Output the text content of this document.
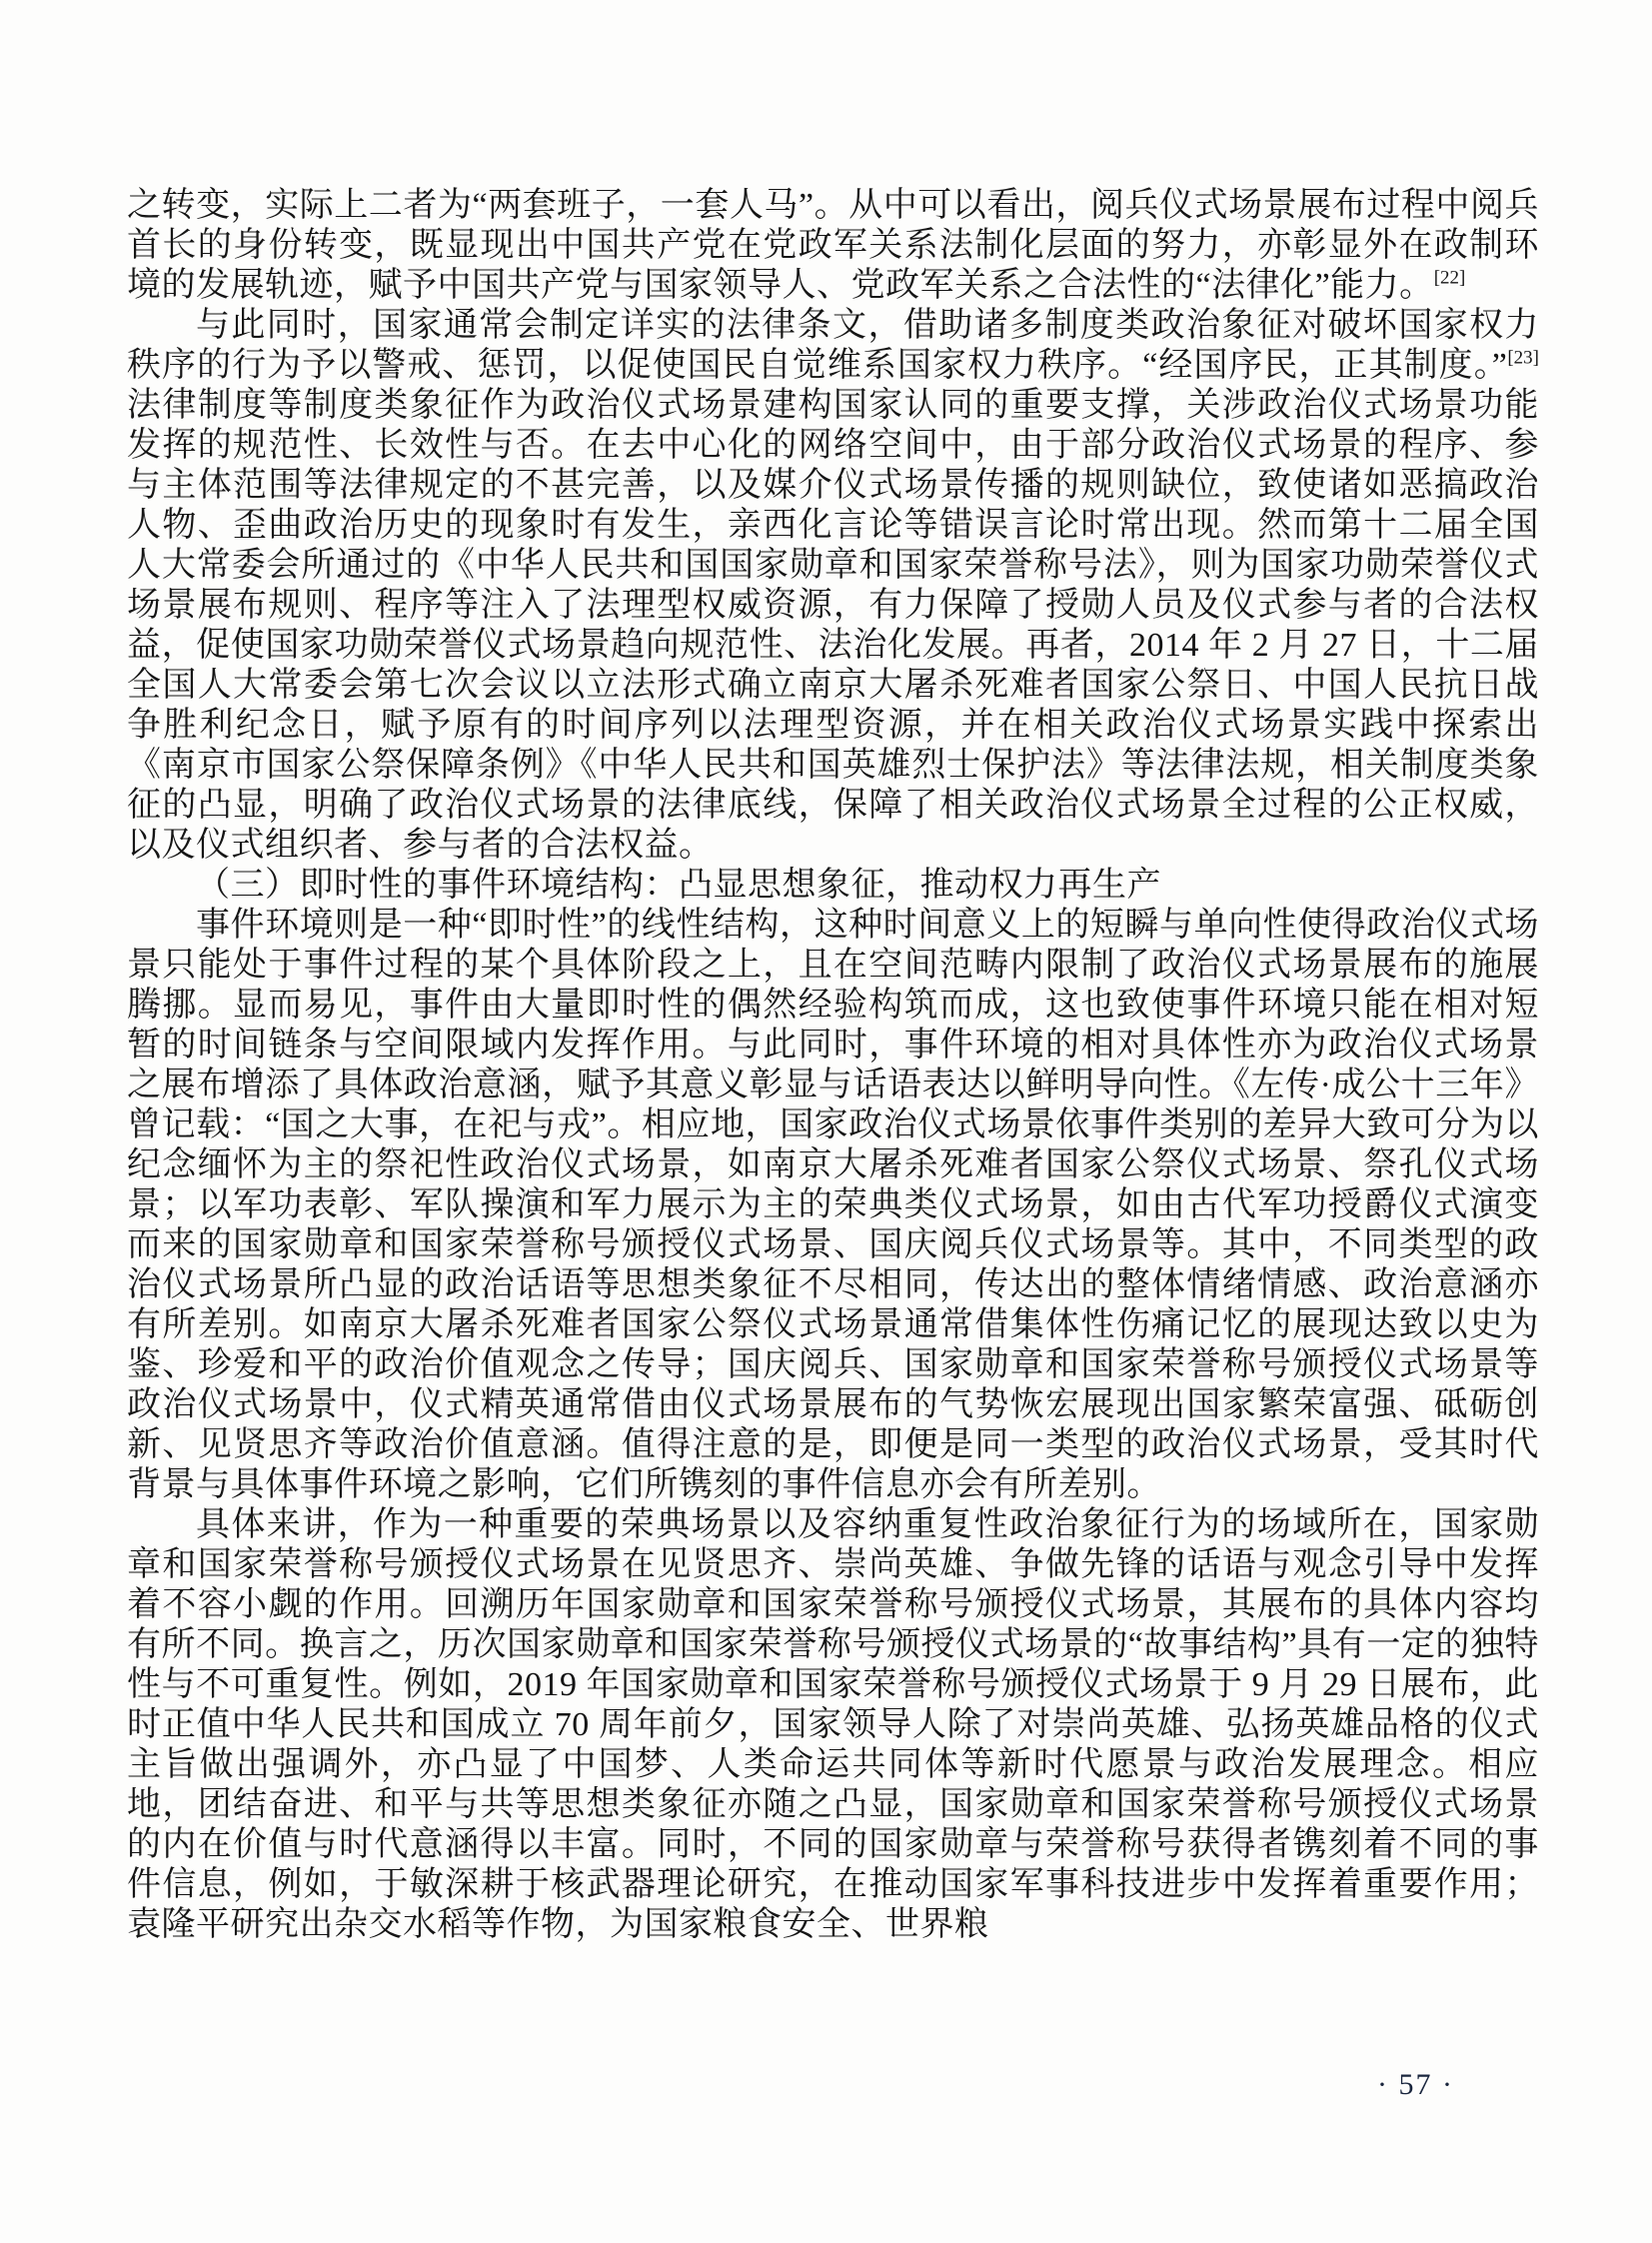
之转变，实际上二者为“两套班子，一套人马”。从中可以看出，阅兵仪式场景展布过程中阅兵首长的身份转变，既显现出中国共产党在党政军关系法制化层面的努力，亦彰显外在政制环境的发展轨迹，赋予中国共产党与国家领导人、党政军关系之合法性的“法律化”能力。[22]

与此同时，国家通常会制定详实的法律条文，借助诸多制度类政治象征对破坏国家权力秩序的行为予以警戒、惩罚，以促使国民自觉维系国家权力秩序。“经国序民，正其制度。”[23]法律制度等制度类象征作为政治仪式场景建构国家认同的重要支撑，关涉政治仪式场景功能发挥的规范性、长效性与否。在去中心化的网络空间中，由于部分政治仪式场景的程序、参与主体范围等法律规定的不甚完善，以及媒介仪式场景传播的规则缺位，致使诸如恶搞政治人物、歪曲政治历史的现象时有发生，亲西化言论等错误言论时常出现。然而第十二届全国人大常委会所通过的《中华人民共和国国家勋章和国家荣誉称号法》，则为国家功勋荣誉仪式场景展布规则、程序等注入了法理型权威资源，有力保障了授勋人员及仪式参与者的合法权益，促使国家功勋荣誉仪式场景趋向规范性、法治化发展。再者，2014 年 2 月 27 日，十二届全国人大常委会第七次会议以立法形式确立南京大屠杀死难者国家公祭日、中国人民抗日战争胜利纪念日，赋予原有的时间序列以法理型资源，并在相关政治仪式场景实践中探索出《南京市国家公祭保障条例》《中华人民共和国英雄烈士保护法》等法律法规，相关制度类象征的凸显，明确了政治仪式场景的法律底线，保障了相关政治仪式场景全过程的公正权威，以及仪式组织者、参与者的合法权益。

（三）即时性的事件环境结构：凸显思想象征，推动权力再生产

事件环境则是一种“即时性”的线性结构，这种时间意义上的短瞬与单向性使得政治仪式场景只能处于事件过程的某个具体阶段之上，且在空间范畴内限制了政治仪式场景展布的施展腾挪。显而易见，事件由大量即时性的偶然经验构筑而成，这也致使事件环境只能在相对短暂的时间链条与空间限域内发挥作用。与此同时，事件环境的相对具体性亦为政治仪式场景之展布增添了具体政治意涵，赋予其意义彰显与话语表达以鲜明导向性。《左传·成公十三年》曾记载：“国之大事，在祀与戎”。相应地，国家政治仪式场景依事件类别的差异大致可分为以纪念缅怀为主的祭祀性政治仪式场景，如南京大屠杀死难者国家公祭仪式场景、祭孔仪式场景；以军功表彰、军队操演和军力展示为主的荣典类仪式场景，如由古代军功授爵仪式演变而来的国家勋章和国家荣誉称号颁授仪式场景、国庆阅兵仪式场景等。其中，不同类型的政治仪式场景所凸显的政治话语等思想类象征不尽相同，传达出的整体情绪情感、政治意涵亦有所差别。如南京大屠杀死难者国家公祭仪式场景通常借集体性伤痛记忆的展现达致以史为鉴、珍爱和平的政治价值观念之传导；国庆阅兵、国家勋章和国家荣誉称号颁授仪式场景等政治仪式场景中，仪式精英通常借由仪式场景展布的气势恢宏展现出国家繁荣富强、砥砺创新、见贤思齐等政治价值意涵。值得注意的是，即便是同一类型的政治仪式场景，受其时代背景与具体事件环境之影响，它们所镌刻的事件信息亦会有所差别。

具体来讲，作为一种重要的荣典场景以及容纳重复性政治象征行为的场域所在，国家勋章和国家荣誉称号颁授仪式场景在见贤思齐、崇尚英雄、争做先锋的话语与观念引导中发挥着不容小觑的作用。回溯历年国家勋章和国家荣誉称号颁授仪式场景，其展布的具体内容均有所不同。换言之，历次国家勋章和国家荣誉称号颁授仪式场景的“故事结构”具有一定的独特性与不可重复性。例如，2019 年国家勋章和国家荣誉称号颁授仪式场景于 9 月 29 日展布，此时正值中华人民共和国成立 70 周年前夕，国家领导人除了对崇尚英雄、弘扬英雄品格的仪式主旨做出强调外，亦凸显了中国梦、人类命运共同体等新时代愿景与政治发展理念。相应地，团结奋进、和平与共等思想类象征亦随之凸显，国家勋章和国家荣誉称号颁授仪式场景的内在价值与时代意涵得以丰富。同时，不同的国家勋章与荣誉称号获得者镌刻着不同的事件信息，例如，于敏深耕于核武器理论研究，在推动国家军事科技进步中发挥着重要作用；袁隆平研究出杂交水稻等作物，为国家粮食安全、世界粮

· 57 ·
